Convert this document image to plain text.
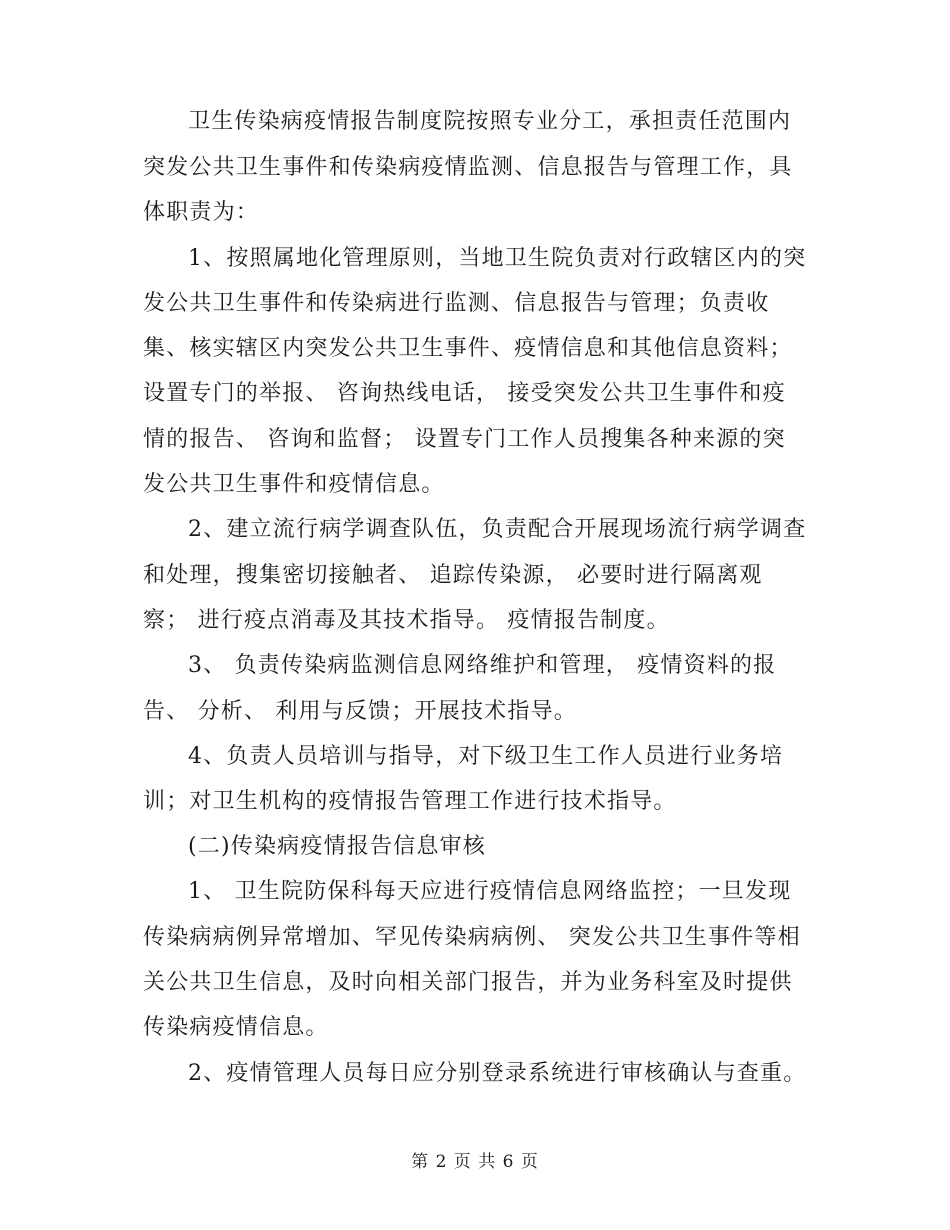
卫生传染病疫情报告制度院按照专业分工，承担责任范围内
突发公共卫生事件和传染病疫情监测、信息报告与管理工作，具
体职责为：
1、按照属地化管理原则，当地卫生院负责对行政辖区内的突
发公共卫生事件和传染病进行监测、信息报告与管理；负责收
集、核实辖区内突发公共卫生事件、疫情信息和其他信息资料；
设置专门的举报、 咨询热线电话， 接受突发公共卫生事件和疫
情的报告、 咨询和监督； 设置专门工作人员搜集各种来源的突
发公共卫生事件和疫情信息。
2、建立流行病学调查队伍，负责配合开展现场流行病学调查
和处理，搜集密切接触者、 追踪传染源， 必要时进行隔离观
察； 进行疫点消毒及其技术指导。 疫情报告制度。
3、 负责传染病监测信息网络维护和管理， 疫情资料的报
告、 分析、 利用与反馈；开展技术指导。
4、负责人员培训与指导，对下级卫生工作人员进行业务培
训；对卫生机构的疫情报告管理工作进行技术指导。
(二)传染病疫情报告信息审核
1、 卫生院防保科每天应进行疫情信息网络监控；一旦发现
传染病病例异常增加、罕见传染病病例、 突发公共卫生事件等相
关公共卫生信息，及时向相关部门报告，并为业务科室及时提供
传染病疫情信息。
2、疫情管理人员每日应分别登录系统进行审核确认与查重。
第 2 页 共 6 页
